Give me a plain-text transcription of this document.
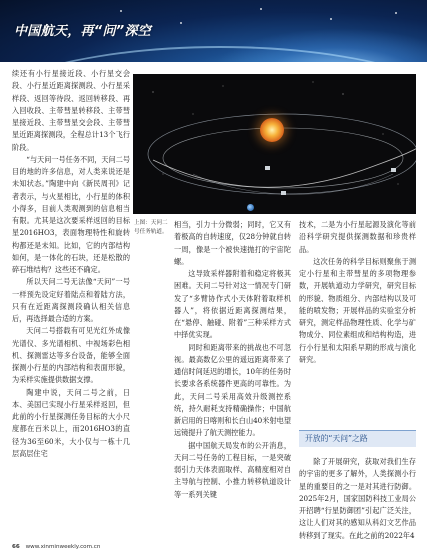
中国航天，再“问”深空

续还有小行星接近段、小行星交会段、小行星近距离探测段、小行星采样段、返回等待段、返回转移段、再入回收段、主带彗星转移段、主带彗星接近段、主带彗星交会段、主带彗星近距离探测段，全程总计13个飞行阶段。

“与天问一号任务不同，天问二号目的地的许多信息，对人类来说还是未知状态。”陶建中向《新民周刊》记者表示，与火星相比，小行星的体积小得多，目前人类观测到的信息相当有限。尤其是这次要采样返回的目标星2016HO3，表面物理特性和旋转构都还是未知。比如，它的内部结构如何，是一体化的石块，还是松散的碎石堆结构？这些还不确定。

所以天问二号无法像“天问”一号一样预先设定好着陆点和着陆方法，只有在近距离探测段确认相关信息后，再选择最合适的方案。

天问二号搭载有可见光红外成像光谱仪、多光谱相机、中视场彩色相机、探测雷达等多台设备，能够全面探测小行星的内部结构和表面形貌，为采样实施提供数据支撑。

陶建中说，天问二号之前，日本、美国已实现小行星采样返回，但此前的小行星探测任务目标的大小尺度都在百米以上，而2016HO3的直径为36至60米，大小仅与一栋十几层高层住宅

上图：天问二号任务轨道。

相当，引力十分微弱；同时，它又有着极高的自转速度，仅28分钟就自转一周，像是一个被快速抛打的宇宙陀螺。

这导致采样器附着和稳定将极其困难。天问二号针对这一情况专门研发了“多臂协作式小天体附着取样机器人”，将依据近距离探测结果，在“悬停、触碰、附着”三种采样方式中择优实现。

同时和距离带来的挑战也不可忽视。最高数亿公里的遥远距离带来了通信时间延迟的增长，10年的任务时长要求各系统器件更高的可靠性。为此，天问二号采用高效升级测控系统，持久耐耗支持精确操作；中国航新启用的日喀则和长白山40米射电望远镜提升了航天测控能力。

据中国航天局发布的公开消息，天问二号任务的工程目标，一是突破弱引力天体表面取样、高精度相对自主导航与控制、小推力转移轨道设计等一系列关键

技术，二是为小行星起源及演化等前沿科学研究提供探测数据和珍贵样品。

这次任务的科学目标则聚焦于测定小行星和主带彗星的多项物理参数，开展轨道动力学研究，研究目标的形貌、物质组分、内部结构以及可能的喷发物；开展样品的实验室分析研究，测定样品物理性质、化学与矿物成分、同位素组成和结构构造，进行小行星和太阳系早期的形成与演化研究。

开放的“天问”之路

除了开展研究，获取对我们生存的宇宙的更多了解外，人类探测小行星的重要目的之一是对其进行防御。2025年2月，国家国防科技工业局公开招聘“行星防御团”引起广泛关注，这让人们对其的感知从科幻文艺作品转移到了现实。在此之前的2022年4

66 www.xinminweekly.com.cn
